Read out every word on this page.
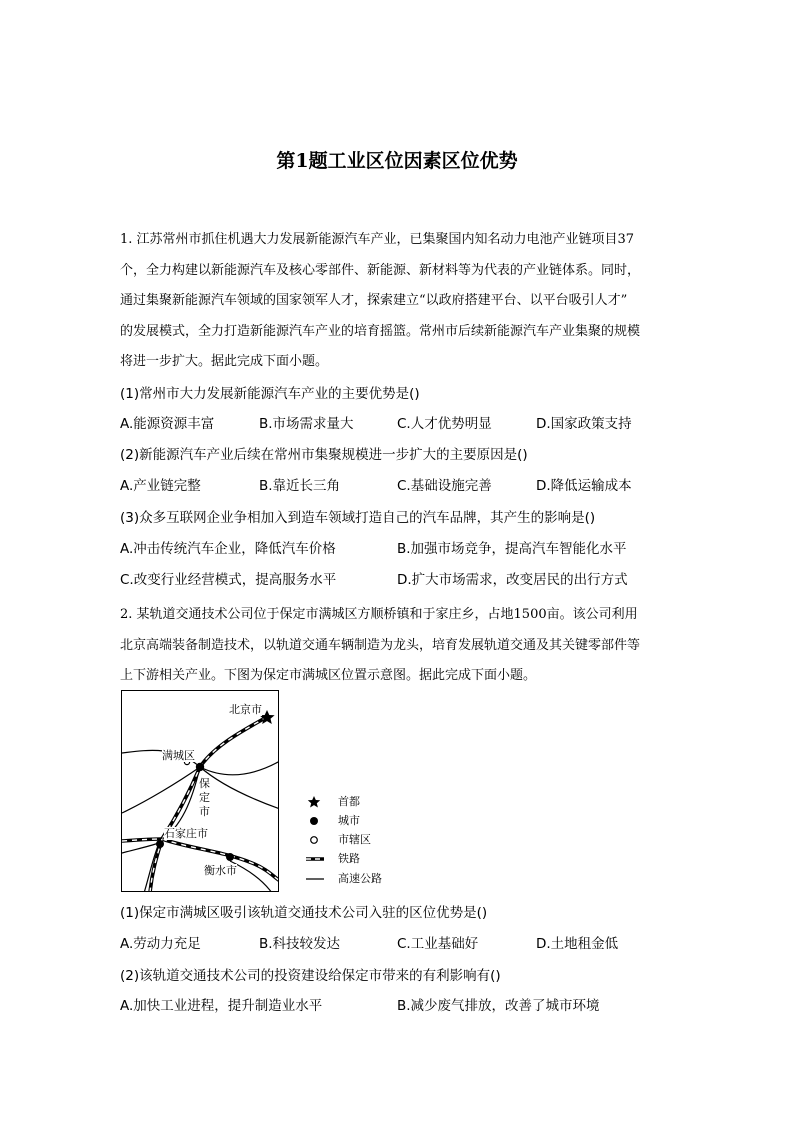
第1题工业区位因素区位优势
1. 江苏常州市抓住机遇大力发展新能源汽车产业，已集聚国内知名动力电池产业链项目37
个，全力构建以新能源汽车及核心零部件、新能源、新材料等为代表的产业链体系。同时，
通过集聚新能源汽车领域的国家领军人才，探索建立“以政府搭建平台、以平台吸引人才”
的发展模式，全力打造新能源汽车产业的培育摇篮。常州市后续新能源汽车产业集聚的规模
将进一步扩大。据此完成下面小题。
(1)常州市大力发展新能源汽车产业的主要优势是()
A.能源资源丰富	B.市场需求量大	C.人才优势明显	D.国家政策支持
(2)新能源汽车产业后续在常州市集聚规模进一步扩大的主要原因是()
A.产业链完整	B.靠近长三角	C.基础设施完善	D.降低运输成本
(3)众多互联网企业争相加入到造车领域打造自己的汽车品牌，其产生的影响是()
A.冲击传统汽车企业，降低汽车价格	B.加强市场竞争，提高汽车智能化水平
C.改变行业经营模式，提高服务水平	D.扩大市场需求，改变居民的出行方式
2. 某轨道交通技术公司位于保定市满城区方顺桥镇和于家庄乡，占地1500亩。该公司利用
北京高端装备制造技术，以轨道交通车辆制造为龙头，培育发展轨道交通及其关键零部件等
上下游相关产业。下图为保定市满城区位置示意图。据此完成下面小题。
北京市
满城区
保定市
石家庄市
衡水市
首都
城市
市辖区
铁路
高速公路
(1)保定市满城区吸引该轨道交通技术公司入驻的区位优势是()
A.劳动力充足	B.科技较发达	C.工业基础好	D.土地租金低
(2)该轨道交通技术公司的投资建设给保定市带来的有利影响有()
A.加快工业进程，提升制造业水平	B.减少废气排放，改善了城市环境
